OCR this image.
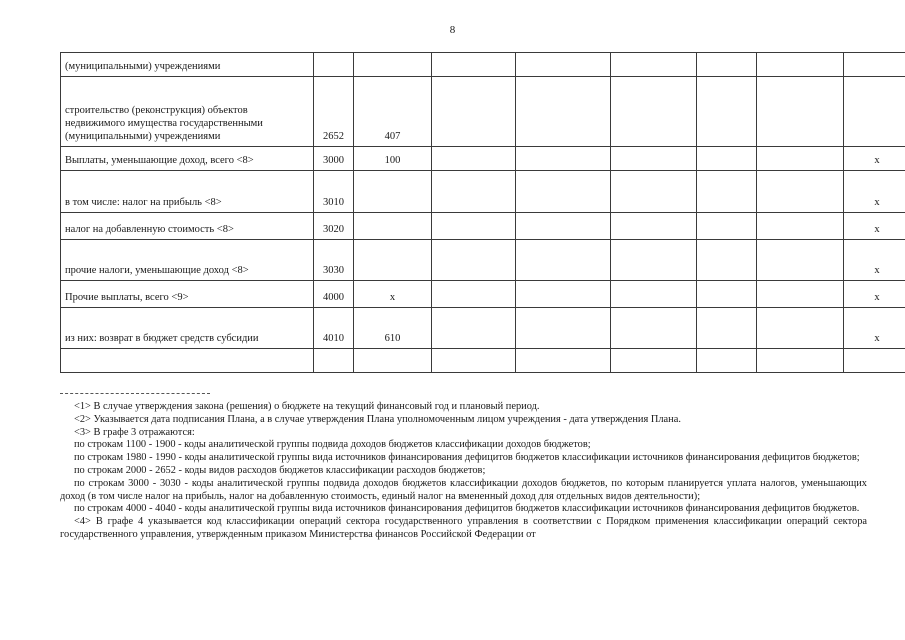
8
(муниципальными) учреждениями								
строительство (реконструкция) объектов недвижимого имущества государственными (муниципальными) учреждениями	2652	407						
Выплаты, уменьшающие доход, всего <8>	3000	100						х
в том числе: налог на прибыль <8>	3010							х
налог на добавленную стоимость <8>	3020							х
прочие налоги, уменьшающие доход <8>	3030							х
Прочие выплаты, всего <9>	4000	х						х
из них: возврат в бюджет средств субсидии	4010	610						х

<1> В случае утверждения закона (решения) о бюджете на текущий финансовый год и плановый период.

<2> Указывается дата подписания Плана, а в случае утверждения Плана уполномоченным лицом учреждения - дата утверждения Плана.

<3> В графе 3 отражаются:

по строкам 1100 - 1900 - коды аналитической группы подвида доходов бюджетов классификации доходов бюджетов;

по строкам 1980 - 1990 - коды аналитической группы вида источников финансирования дефицитов бюджетов классификации источников финансирования дефицитов бюджетов;

по строкам 2000 - 2652 - коды видов расходов бюджетов классификации расходов бюджетов;

по строкам 3000 - 3030 - коды аналитической группы подвида доходов бюджетов классификации доходов бюджетов, по которым планируется уплата налогов, уменьшающих доход (в том числе налог на прибыль, налог на добавленную стоимость, единый налог на вмененный доход для отдельных видов деятельности);

по строкам 4000 - 4040 - коды аналитической группы вида источников финансирования дефицитов бюджетов классификации источников финансирования дефицитов бюджетов.

<4> В графе 4 указывается код классификации операций сектора государственного управления в соответствии с Порядком применения классификации операций сектора государственного управления, утвержденным приказом Министерства финансов Российской Федерации от
